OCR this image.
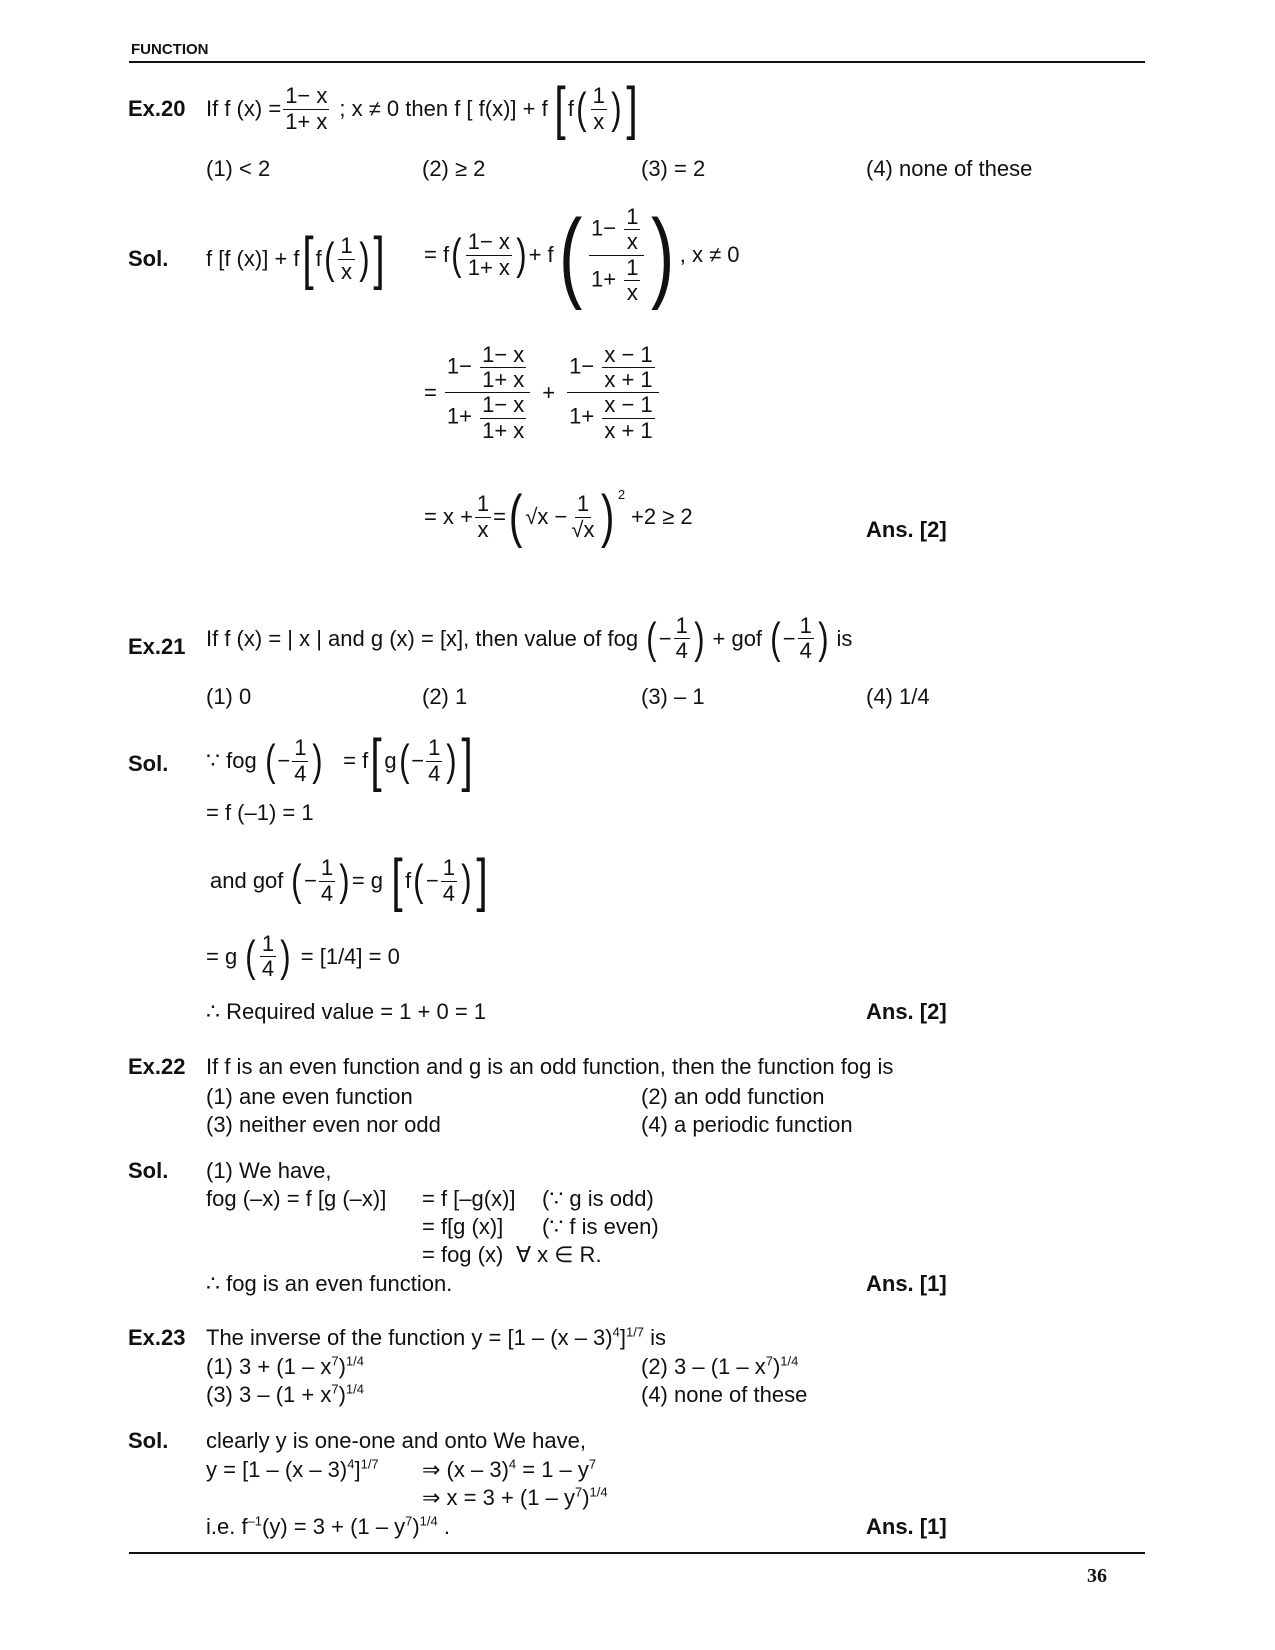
FUNCTION
Ex.20 If f $(x) = \frac{1- x}{1+ x}$ ; x ≠ 0 then f [ f(x)] + f [ f ( $\frac{1}{x}$ ) ]
(1) < 2	(2) ≥ 2	(3) = 2	(4) none of these
Sol. f [f (x)] + f [ f ( $\frac{1}{x}$ ) ] = f ( $\frac{1- x}{1+ x}$ ) + f ( $\frac{1- \frac{1}{x}}{1+ \frac{1}{x}}$ ) , x ≠ 0
= $\frac{1- \frac{1- x}{1+ x}}{1+ \frac{1- x}{1+ x}} + \frac{1- \frac{x - 1}{x + 1}}{1+ \frac{x - 1}{x + 1}}$
= $x + \frac{1}{x}$ = ( $√x - \frac{1}{√x}$ ) 2
+2 ≥ 2
Ans. [2]
Ex.21 If f (x) = | x | and g (x) = [x], then value of fog ( − $\frac{1}{4}$ ) + gof ( − $\frac{1}{4}$ ) is
(1) 0	(2) 1	(3) – 1	(4) 1/4
Sol. ∵ fog ( − $\frac{1}{4}$ ) = f [ g ( − $\frac{1}{4}$ ) ]
= f (–1) = 1
and gof ( − $\frac{1}{4}$ ) = g [ f ( − $\frac{1}{4}$ ) ]
= g ( $\frac{1}{4}$ ) = [1/4] = 0
∴ Required value = 1 + 0 = 1	Ans. [2]
Ex.22 If f is an even function and g is an odd function, then the function fog is
(1) ane even function	(2) an odd function
(3) neither even nor odd	(4) a periodic function
Sol. (1) We have,
fog (–x) = f [g (–x)] = f [–g(x)] (∵ g is odd)
= f[g (x)] (∵ f is even)
= fog (x) ∀ x ∈ R.
∴ fog is an even function.	Ans. [1]
Ex.23 The inverse of the function y = [1 – (x – 3)$^4$]$^{1/7}$ is
(1) $3 + (1 - x^7)^{1/4}$	(2) $3 - (1 - x^7)^{1/4}$
(3) $3 - (1 + x^7)^{1/4}$	(4) none of these
Sol. clearly y is one-one and onto We have,
y = [1 – (x – 3)$^4$]$^{1/7}$ ⇒ $(x - 3)^4 = 1 - y^7$
⇒ $x = 3 + (1 - y^7)^{1/4}$
i.e. $f^{-1}(y) = 3 + (1 - y^7)^{1/4}$ .	Ans. [1]
36
